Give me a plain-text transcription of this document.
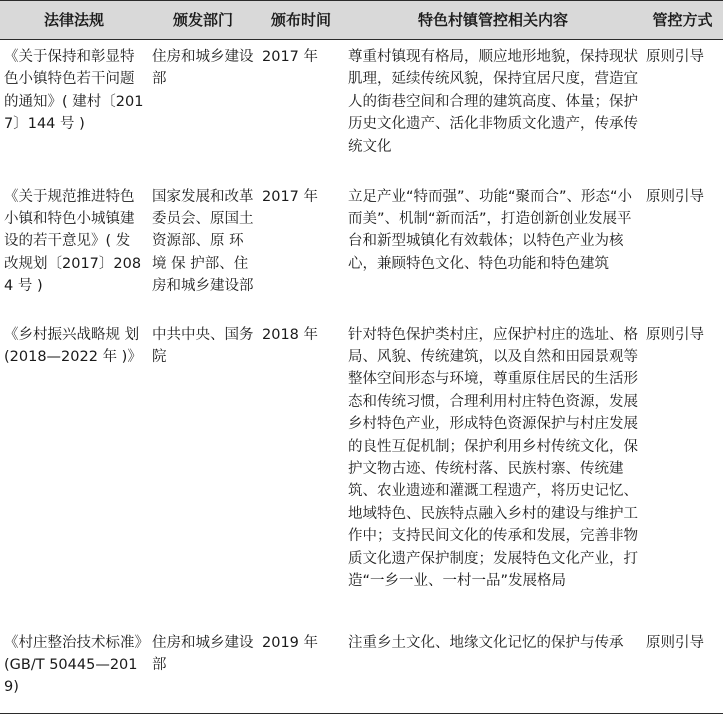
法律法规	颁发部门	颁布时间	特色村镇管控相关内容	管控方式
《关于保持和彰显特色小镇特色若干问题的通知》( 建村〔2017〕144 号 )	住房和城乡建设部	2017 年	尊重村镇现有格局，顺应地形地貌，保持现状肌理，延续传统风貌，保持宜居尺度，营造宜人的街巷空间和合理的建筑高度、体量；保护历史文化遗产、活化非物质文化遗产，传承传统文化	原则引导
《关于规范推进特色小镇和特色小城镇建设的若干意见》( 发改规划〔2017〕2084 号 )	国家发展和改革委员会、原国土资源部、原 环 境 保 护部、住房和城乡建设部	2017 年	立足产业“特而强”、功能“聚而合”、形态“小而美”、机制“新而活”，打造创新创业发展平台和新型城镇化有效载体；以特色产业为核心，兼顾特色文化、特色功能和特色建筑	原则引导
《乡村振兴战略规 划 (2018—2022 年 )》	中共中央、国务院	2018 年	针对特色保护类村庄，应保护村庄的选址、格局、风貌、传统建筑，以及自然和田园景观等整体空间形态与环境，尊重原住居民的生活形态和传统习惯，合理利用村庄特色资源，发展乡村特色产业，形成特色资源保护与村庄发展的良性互促机制；保护利用乡村传统文化，保护文物古迹、传统村落、民族村寨、传统建筑、农业遗迹和灌溉工程遗产，将历史记忆、地域特色、民族特点融入乡村的建设与维护工作中；支持民间文化的传承和发展，完善非物质文化遗产保护制度；发展特色文化产业，打造“一乡一业、一村一品”发展格局	原则引导
《村庄整治技术标准》(GB/T 50445—2019)	住房和城乡建设部	2019 年	注重乡土文化、地缘文化记忆的保护与传承	原则引导
